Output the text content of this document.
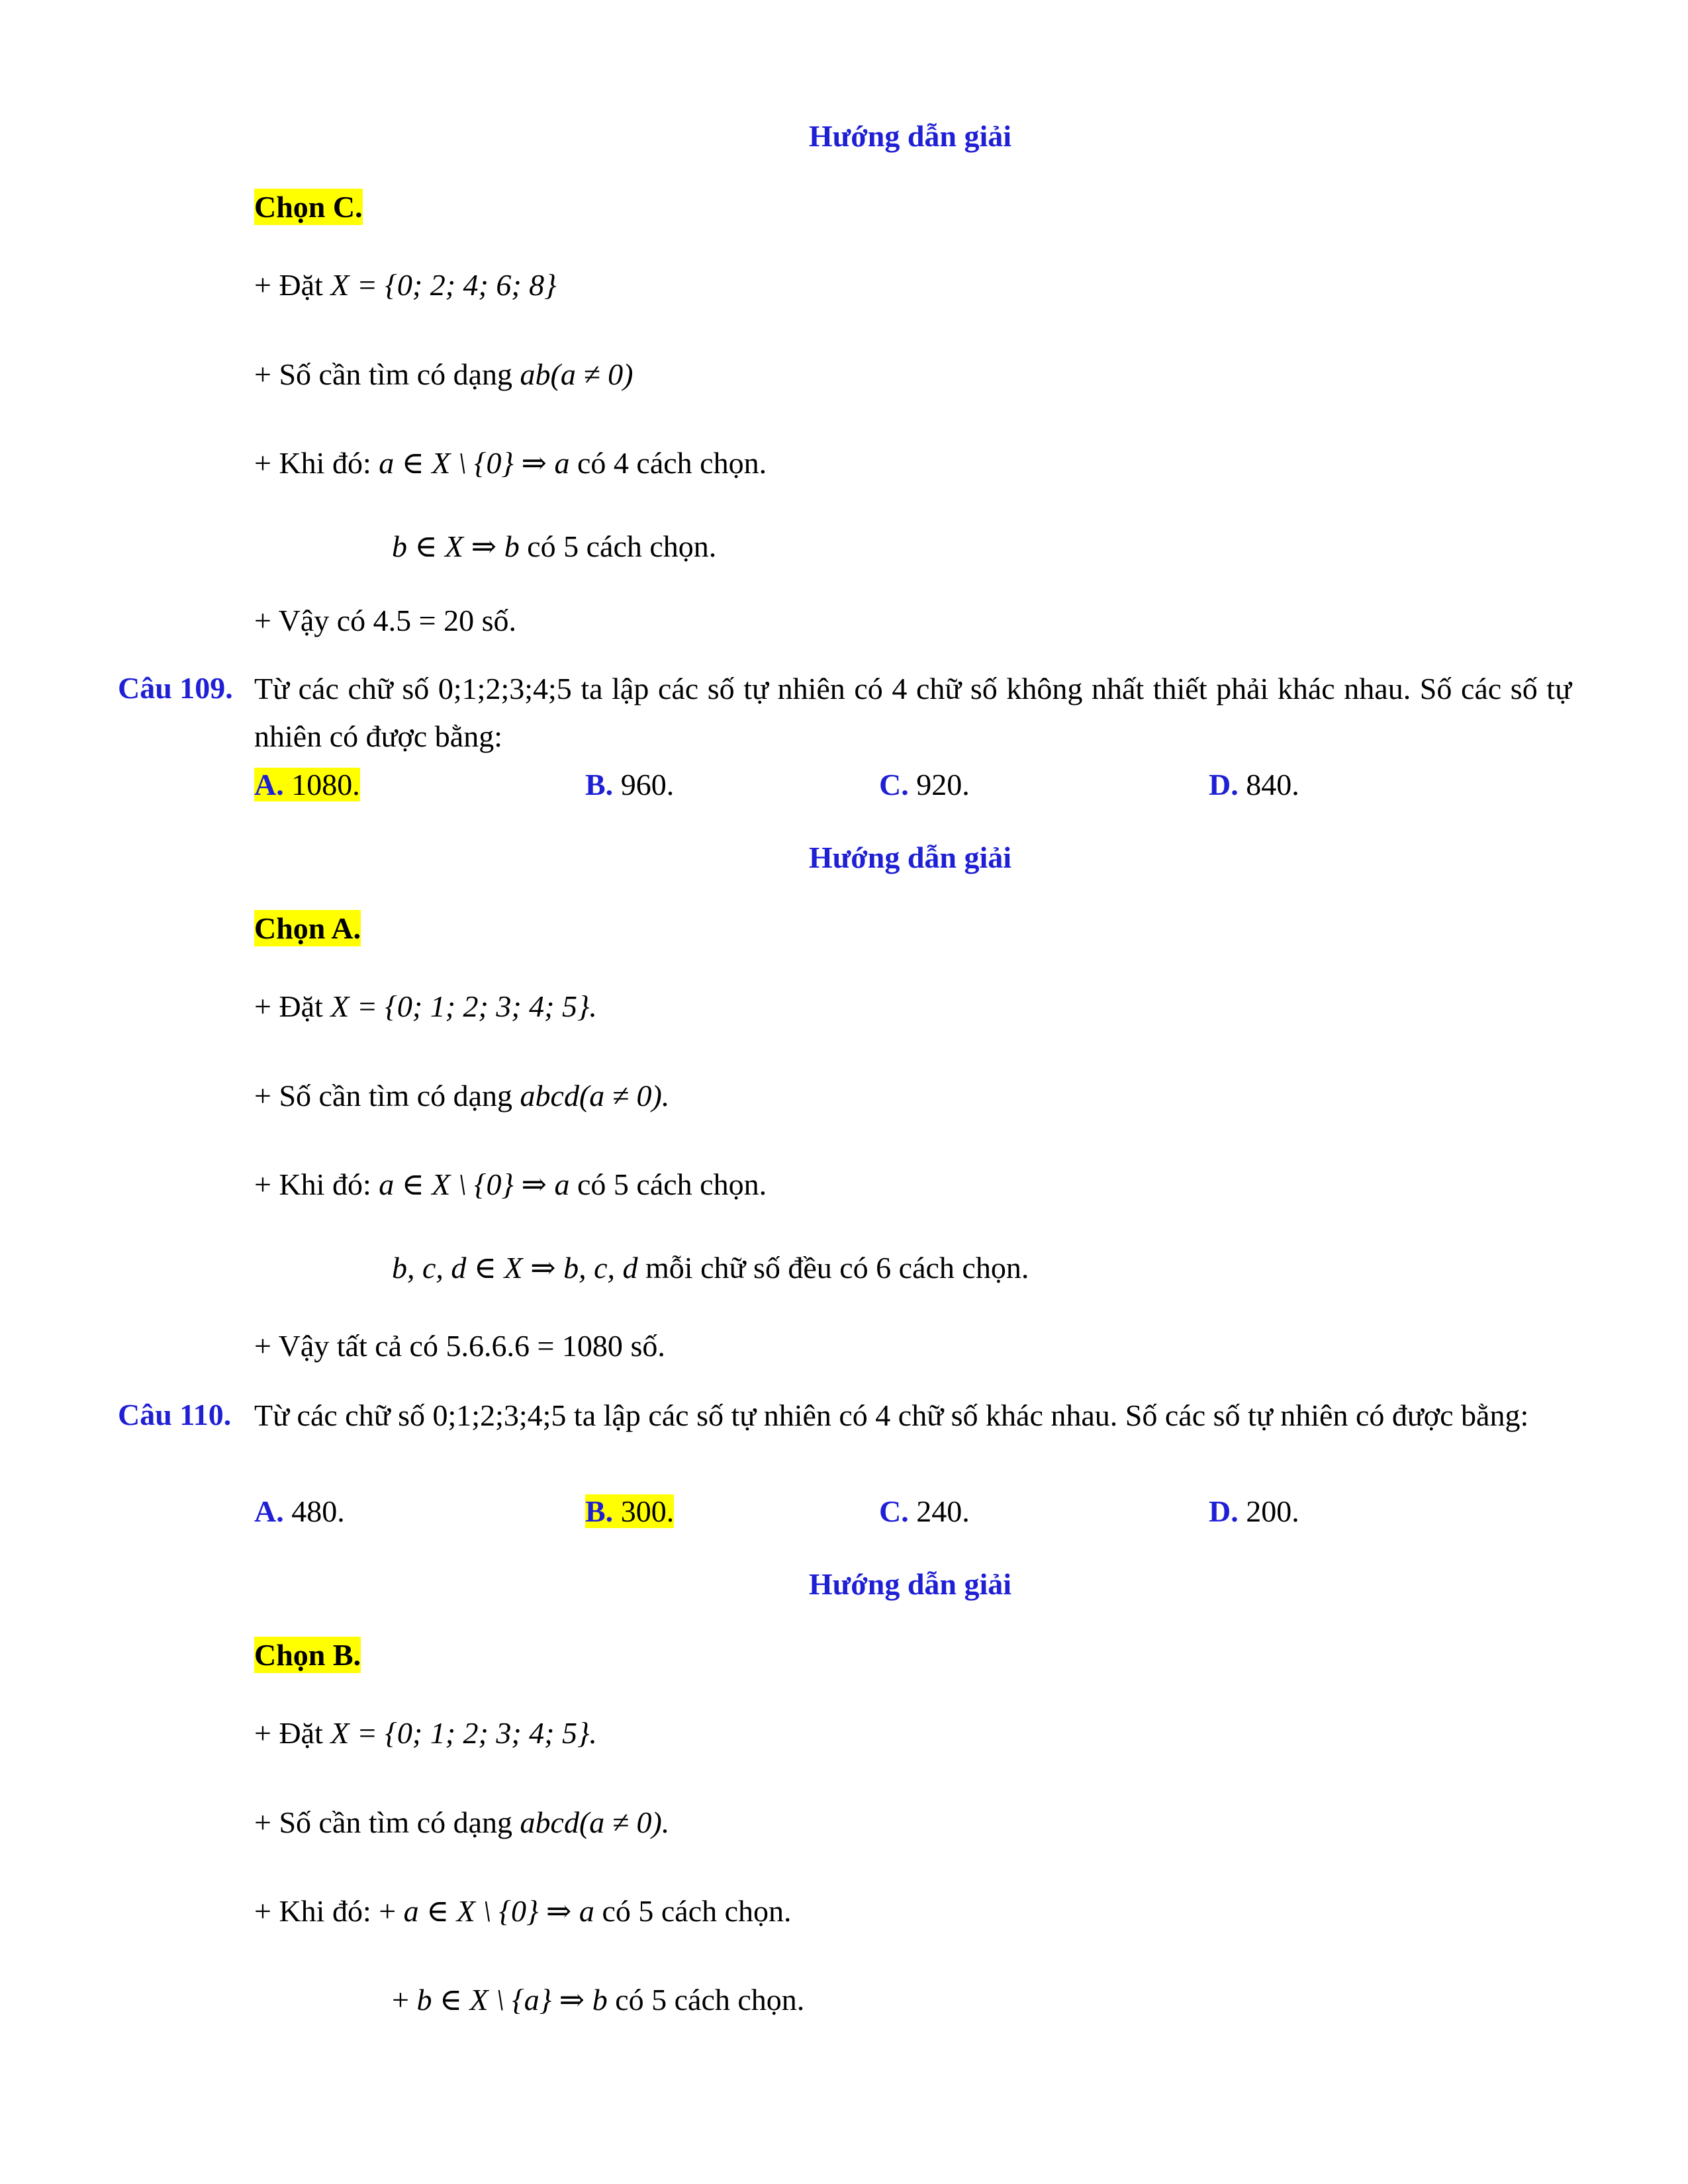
Hướng dẫn giải
Chọn C.
+ Đặt X = {0; 2; 4; 6; 8}
+ Số cần tìm có dạng ab(a ≠ 0)
+ Khi đó: a ∈ X \ {0} ⇒ a có 4 cách chọn.
b ∈ X ⇒ b có 5 cách chọn.
+ Vậy có 4.5 = 20 số.
Câu 109. Từ các chữ số 0;1;2;3;4;5 ta lập các số tự nhiên có 4 chữ số không nhất thiết phải khác nhau. Số các số tự nhiên có được bằng:
A. 1080.	B. 960.	C. 920.	D. 840.
Hướng dẫn giải
Chọn A.
+ Đặt X = {0; 1; 2; 3; 4; 5}.
+ Số cần tìm có dạng abcd(a ≠ 0).
+ Khi đó: a ∈ X \ {0} ⇒ a có 5 cách chọn.
b, c, d ∈ X ⇒ b, c, d mỗi chữ số đều có 6 cách chọn.
+ Vậy tất cả có 5.6.6.6 = 1080 số.
Câu 110. Từ các chữ số 0;1;2;3;4;5 ta lập các số tự nhiên có 4 chữ số khác nhau. Số các số tự nhiên có được bằng:
A. 480.	B. 300.	C. 240.	D. 200.
Hướng dẫn giải
Chọn B.
+ Đặt X = {0; 1; 2; 3; 4; 5}.
+ Số cần tìm có dạng abcd(a ≠ 0).
+ Khi đó: + a ∈ X \ {0} ⇒ a có 5 cách chọn.
+ b ∈ X \ {a} ⇒ b có 5 cách chọn.
